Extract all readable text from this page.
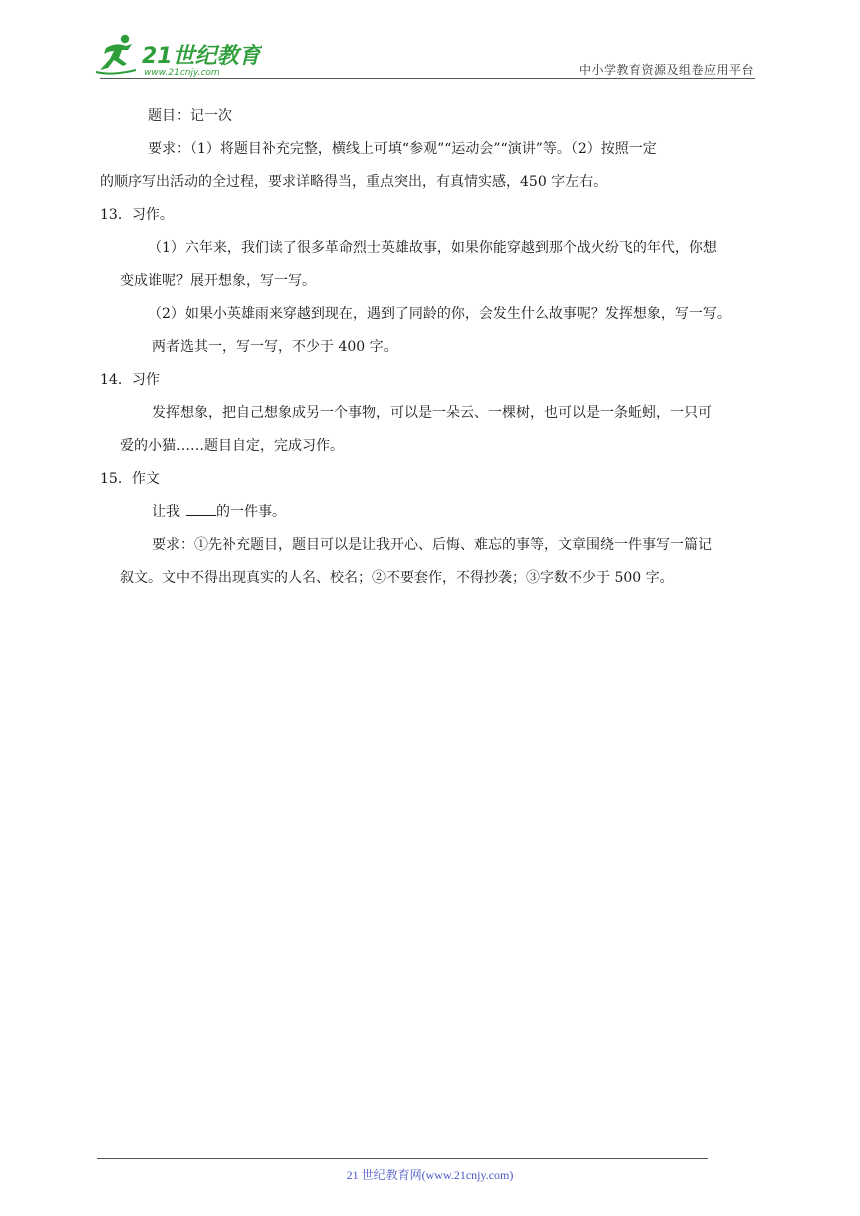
21世纪教育
www.21cnjy.com	中小学教育资源及组卷应用平台

题目：记一次

要求：（1）将题目补充完整，横线上可填“参观”“运动会”“演讲”等。（2）按照一定

的顺序写出活动的全过程，要求详略得当，重点突出，有真情实感，450 字左右。

13．习作。

（1）六年来，我们读了很多革命烈士英雄故事，如果你能穿越到那个战火纷飞的年代，你想

变成谁呢？展开想象，写一写。

（2）如果小英雄雨来穿越到现在，遇到了同龄的你，会发生什么故事呢？发挥想象，写一写。

两者选其一，写一写，不少于 400 字。

14．习作

发挥想象，把自己想象成另一个事物，可以是一朵云、一棵树，也可以是一条蚯蚓，一只可

爱的小猫……题目自定，完成习作。

15．作文

让我	的一件事。

要求：①先补充题目，题目可以是让我开心、后悔、难忘的事等，文章围绕一件事写一篇记

叙文。文中不得出现真实的人名、校名；②不要套作，不得抄袭；③字数不少于 500 字。

21 世纪教育网(www.21cnjy.com)
